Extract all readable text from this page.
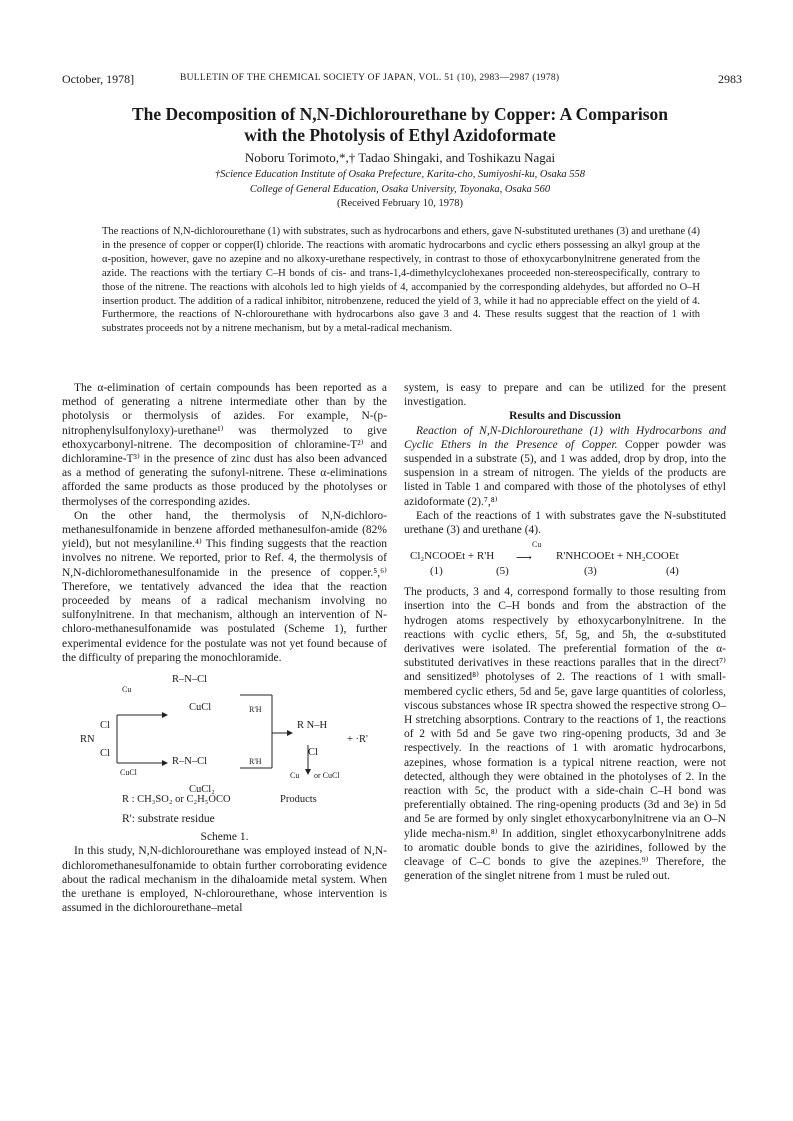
October, 1978]	BULLETIN OF THE CHEMICAL SOCIETY OF JAPAN, VOL. 51 (10), 2983—2987 (1978)	2983
The Decomposition of N,N-Dichlorourethane by Copper: A Comparison
with the Photolysis of Ethyl Azidoformate
Noboru Torimoto,*,† Tadao Shingaki, and Toshikazu Nagai
†Science Education Institute of Osaka Prefecture, Karita-cho, Sumiyoshi-ku, Osaka 558
College of General Education, Osaka University, Toyonaka, Osaka 560
(Received February 10, 1978)
The reactions of N,N-dichlorourethane (1) with substrates, such as hydrocarbons and ethers, gave N-substituted urethanes (3) and urethane (4) in the presence of copper or copper(I) chloride. The reactions with aromatic hydrocarbons and cyclic ethers possessing an alkyl group at the α-position, however, gave no azepine and no alkoxy-urethane respectively, in contrast to those of ethoxycarbonylnitrene generated from the azide. The reactions with the tertiary C–H bonds of cis- and trans-1,4-dimethylcyclohexanes proceeded non-stereospecifically, contrary to those of the nitrene. The reactions with alcohols led to high yields of 4, accompanied by the corresponding aldehydes, but afforded no O–H insertion product. The addition of a radical inhibitor, nitrobenzene, reduced the yield of 3, while it had no appreciable effect on the yield of 4. Furthermore, the reactions of N-chlorourethane with hydrocarbons also gave 3 and 4. These results suggest that the reaction of 1 with substrates proceeds not by a nitrene mechanism, but by a metal-radical mechanism.

The α-elimination of certain compounds has been reported as a method of generating a nitrene intermediate other than by the photolysis or thermolysis of azides. For example, N-(p-nitrophenylsulfonyloxy)-urethane¹⁾ was thermolyzed to give ethoxycarbonyl-nitrene. The decomposition of chloramine-T²⁾ and dichloramine-T³⁾ in the presence of zinc dust has also been advanced as a method of generating the sufonyl-nitrene. These α-eliminations afforded the same products as those produced by the photolyses or thermolyses of the corresponding azides.

On the other hand, the thermolysis of N,N-dichloro-methanesulfonamide in benzene afforded methanesulfon-amide (82% yield), but not mesylaniline.⁴⁾ This finding suggests that the reaction involves no nitrene. We reported, prior to Ref. 4, the thermolysis of N,N-dichloromethanesulfonamide in the presence of copper.⁵,⁶⁾ Therefore, we tentatively advanced the idea that the reaction proceeded by means of a radical mechanism involving no sulfonylnitrene. In that mechanism, although an intervention of N-chloro-methanesulfonamide was postulated (Scheme 1), further experimental evidence for the postulate was not yet found because of the difficulty of preparing the monochloramide.

Cu
CuCl
R–N–Cl
CuCl
R–N–Cl
CuCl₂
RN
Cl
Cl
R'H
R'H
R N–H
Cl
+ ·R'
Cu or CuCl
R : CH₃SO₂ or C₂H₅OCO	Products

R': substrate residue

Scheme 1.

In this study, N,N-dichlorourethane was employed instead of N,N-dichloromethanesulfonamide to obtain further corroborating evidence about the radical mechanism in the dihaloamide metal system. When the urethane is employed, N-chlorourethane, whose intervention is assumed in the dichlorourethane–metal

system, is easy to prepare and can be utilized for the present investigation.

Results and Discussion

Reaction of N,N-Dichlorourethane (1) with Hydrocarbons and Cyclic Ethers in the Presence of Copper. Copper powder was suspended in a substrate (5), and 1 was added, drop by drop, into the suspension in a stream of nitrogen. The yields of the products are listed in Table 1 and compared with those of the photolyses of ethyl azidoformate (2).⁷,⁸⁾

Each of the reactions of 1 with substrates gave the N-substituted urethane (3) and urethane (4).

Cl₂NCOOEt + R'H
Cu
⟶ R'NHCOOEt + NH₂COOEt
(1)	(5)	(3)	(4)

The products, 3 and 4, correspond formally to those resulting from insertion into the C–H bonds and from the abstraction of the hydrogen atoms respectively by ethoxycarbonylnitrene. In the reactions with cyclic ethers, 5f, 5g, and 5h, the α-substituted derivatives were isolated. The preferential formation of the α-substituted derivatives in these reactions paralles that in the direct⁷⁾ and sensitized⁸⁾ photolyses of 2. The reactions of 1 with small-membered cyclic ethers, 5d and 5e, gave large quantities of colorless, viscous substances whose IR spectra showed the respective strong O–H stretching absorptions. Contrary to the reactions of 1, the reactions of 2 with 5d and 5e gave two ring-opening products, 3d and 3e respectively. In the reactions of 1 with aromatic hydrocarbons, azepines, whose formation is a typical nitrene reaction, were not detected, although they were obtained in the photolyses of 2. In the reaction with 5c, the product with a side-chain C–H bond was preferentially obtained. The ring-opening products (3d and 3e) in 5d and 5e are formed by only singlet ethoxycarbonylnitrene via an O–N ylide mecha-nism.⁸⁾ In addition, singlet ethoxycarbonylnitrene adds to aromatic double bonds to give the aziridines, followed by the cleavage of C–C bonds to give the azepines.⁹⁾ Therefore, the generation of the singlet nitrene from 1 must be ruled out.
